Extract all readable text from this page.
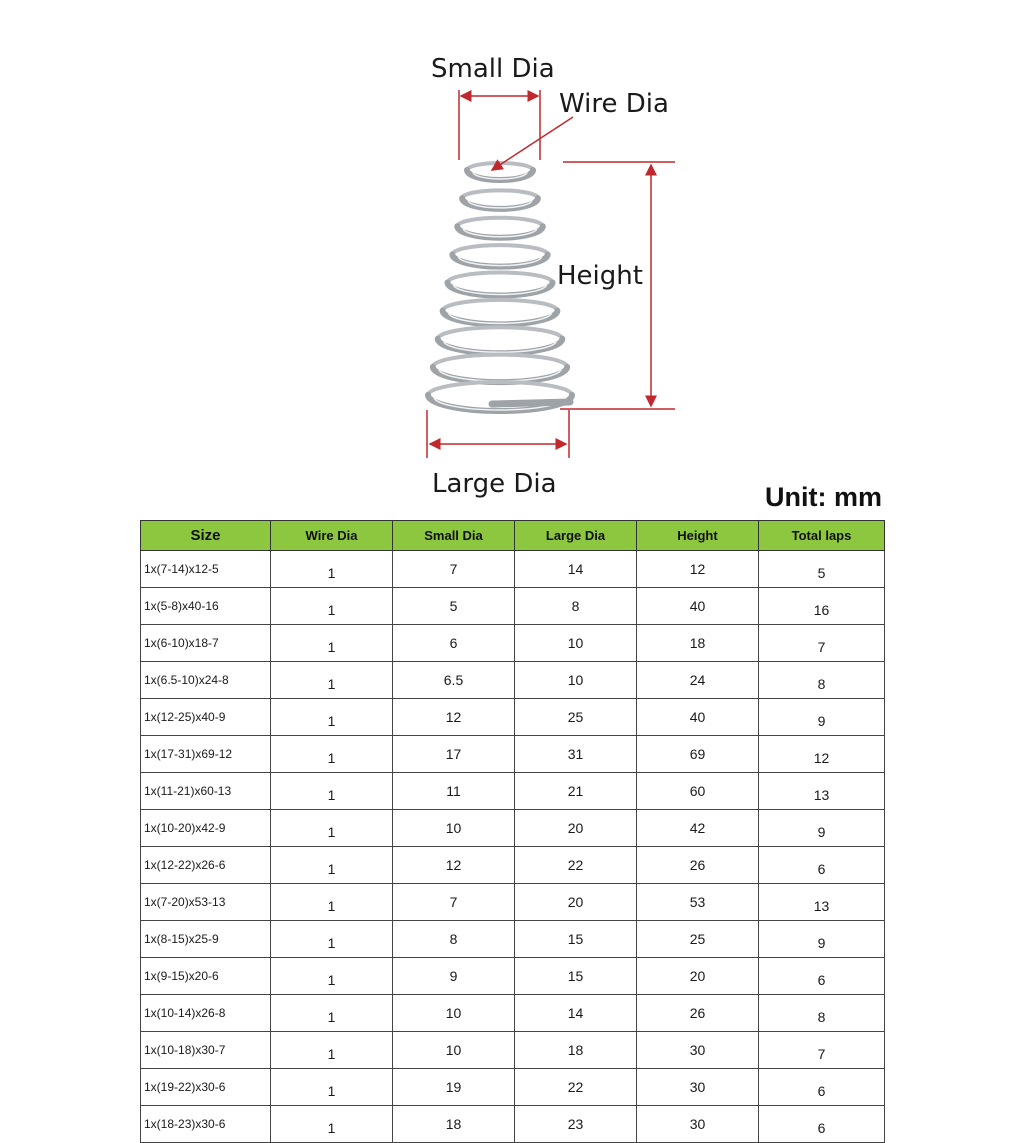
Small Dia
Wire Dia
Height
Large Dia	Unit: mm
Size	Wire Dia	Small Dia	Large Dia	Height	Total laps
1x(7-14)x12-5	1	7	14	12	5
1x(5-8)x40-16	1	5	8	40	16
1x(6-10)x18-7	1	6	10	18	7
1x(6.5-10)x24-8	1	6.5	10	24	8
1x(12-25)x40-9	1	12	25	40	9
1x(17-31)x69-12	1	17	31	69	12
1x(11-21)x60-13	1	11	21	60	13
1x(10-20)x42-9	1	10	20	42	9
1x(12-22)x26-6	1	12	22	26	6
1x(7-20)x53-13	1	7	20	53	13
1x(8-15)x25-9	1	8	15	25	9
1x(9-15)x20-6	1	9	15	20	6
1x(10-14)x26-8	1	10	14	26	8
1x(10-18)x30-7	1	10	18	30	7
1x(19-22)x30-6	1	19	22	30	6
1x(18-23)x30-6	1	18	23	30	6
